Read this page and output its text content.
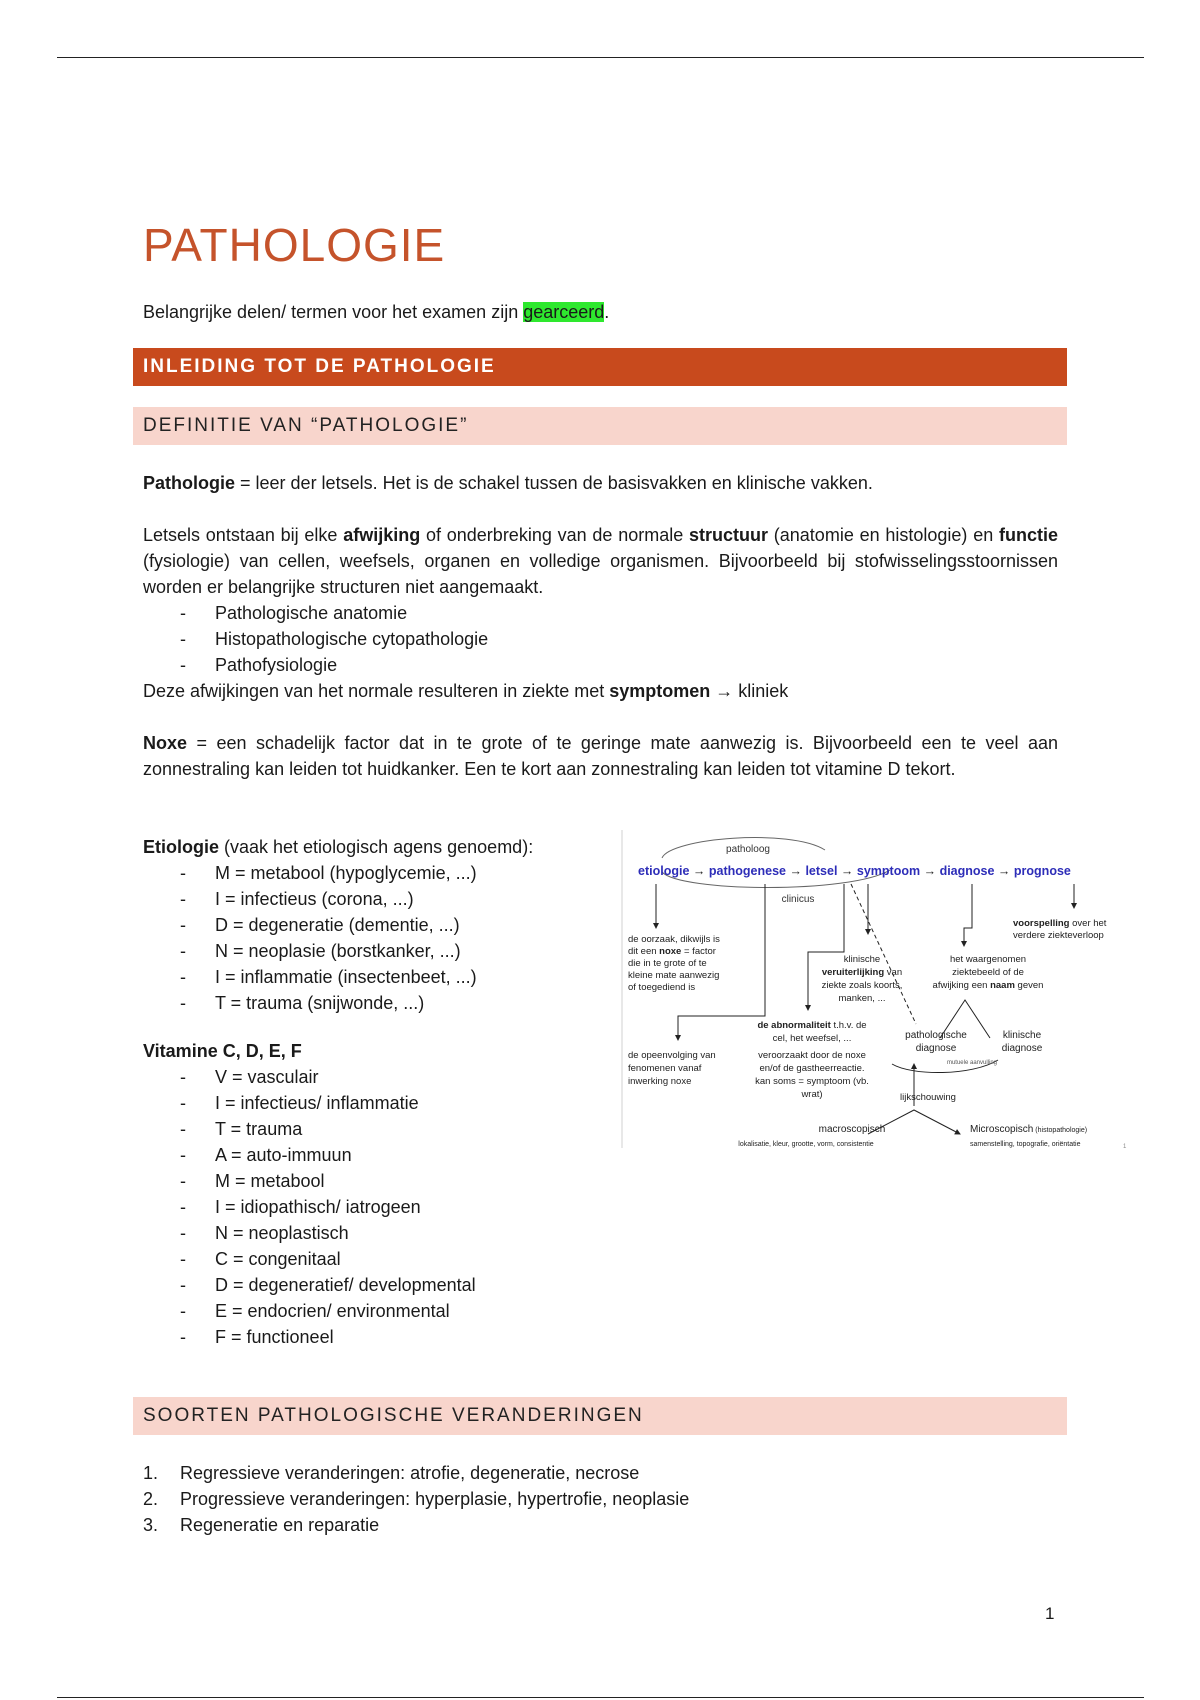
PATHOLOGIE
Belangrijke delen/ termen voor het examen zijn gearceerd.
INLEIDING TOT DE PATHOLOGIE
DEFINITIE VAN “PATHOLOGIE”

Pathologie = leer der letsels. Het is de schakel tussen de basisvakken en klinische vakken.

Letsels ontstaan bij elke afwijking of onderbreking van de normale structuur (anatomie en histologie) en functie (fysiologie) van cellen, weefsels, organen en volledige organismen. Bijvoorbeeld bij stofwisselingsstoornissen worden er belangrijke structuren niet aangemaakt.

- Pathologische anatomie
- Histopathologische cytopathologie
- Pathofysiologie

Deze afwijkingen van het normale resulteren in ziekte met symptomen → kliniek

Noxe = een schadelijk factor dat in te grote of te geringe mate aanwezig is. Bijvoorbeeld een te veel aan zonnestraling kan leiden tot huidkanker. Een te kort aan zonnestraling kan leiden tot vitamine D tekort.

Etiologie (vaak het etiologisch agens genoemd):
- M = metabool (hypoglycemie, ...)
- I = infectieus (corona, ...)
- D = degeneratie (dementie, ...)
- N = neoplasie (borstkanker, ...)
- I = inflammatie (insectenbeet, ...)
- T = trauma (snijwonde, ...)
Vitamine C, D, E, F
- V = vasculair
- I = infectieus/ inflammatie
- T = trauma
- A = auto-immuun
- M = metabool
- I = idiopathisch/ iatrogeen
- N = neoplastisch
- C = congenitaal
- D = degeneratief/ developmental
- E = endocrien/ environmental
- F = functioneel
patholoog
clinicus
etiologie → pathogenese → letsel → symptoom → diagnose → prognose
voorspelling over het
verdere ziekteverloop
de oorzaak, dikwijls is
dit een noxe = factor
die in te grote of te
kleine mate aanwezig
of toegediend is
klinische
veruiterlijking van
ziekte zoals koorts,
manken, ...
het waargenomen
ziektebeeld of de
afwijking een naam geven
de abnormaliteit t.h.v. de
cel, het weefsel, ...
veroorzaakt door de noxe
en/of de gastheerreactie.
kan soms = symptoom (vb.
wrat)
de opeenvolging van
fenomenen vanaf
inwerking noxe
pathologische
diagnose
klinische
diagnose
mutuele aanvulling
lijkschouwing
macroscopisch
lokalisatie, kleur, grootte, vorm, consistentie
Microscopisch (histopathologie)
samenstelling, topografie, oriëntatie	1
SOORTEN PATHOLOGISCHE VERANDERINGEN
1. Regressieve veranderingen: atrofie, degeneratie, necrose
2. Progressieve veranderingen: hyperplasie, hypertrofie, neoplasie
3. Regeneratie en reparatie
1
